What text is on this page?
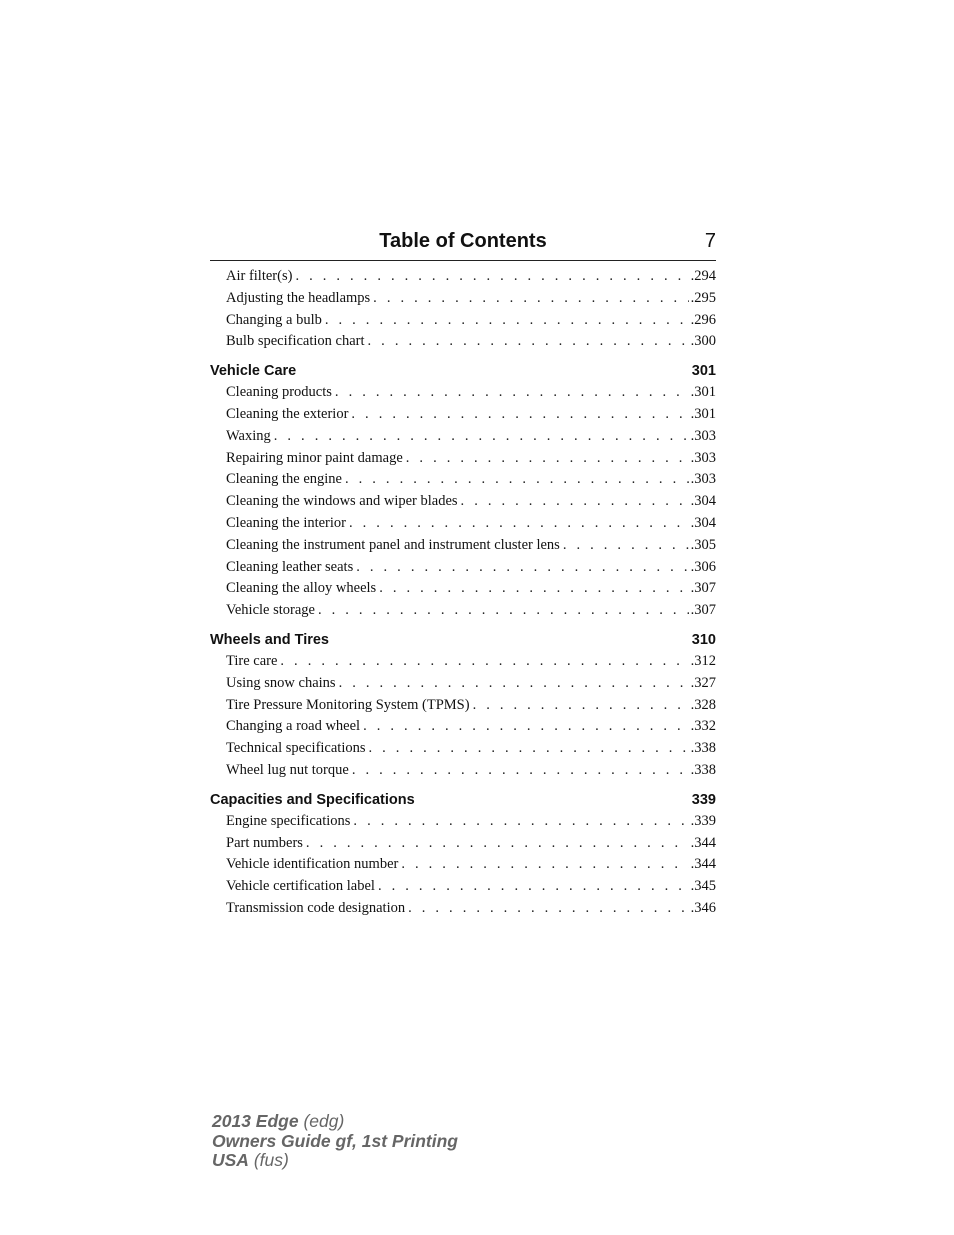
Table of Contents	7
Air filter(s) . . .	.294
Adjusting the headlamps . . .	.295
Changing a bulb . . .	.296
Bulb specification chart . . .	.300
Vehicle Care	301
Cleaning products . . .	.301
Cleaning the exterior . . .	.301
Waxing . . .	.303
Repairing minor paint damage . . .	.303
Cleaning the engine . . .	.303
Cleaning the windows and wiper blades . . .	.304
Cleaning the interior . . .	.304
Cleaning the instrument panel and instrument cluster lens . . .	.305
Cleaning leather seats . . .	.306
Cleaning the alloy wheels . . .	.307
Vehicle storage . . .	.307
Wheels and Tires	310
Tire care . . .	.312
Using snow chains . . .	.327
Tire Pressure Monitoring System (TPMS) . . .	.328
Changing a road wheel . . .	.332
Technical specifications . . .	.338
Wheel lug nut torque . . .	.338
Capacities and Specifications	339
Engine specifications . . .	.339
Part numbers . . .	.344
Vehicle identification number . . .	.344
Vehicle certification label . . .	.345
Transmission code designation . . .	.346
2013 Edge (edg)
Owners Guide gf, 1st Printing
USA (fus)
